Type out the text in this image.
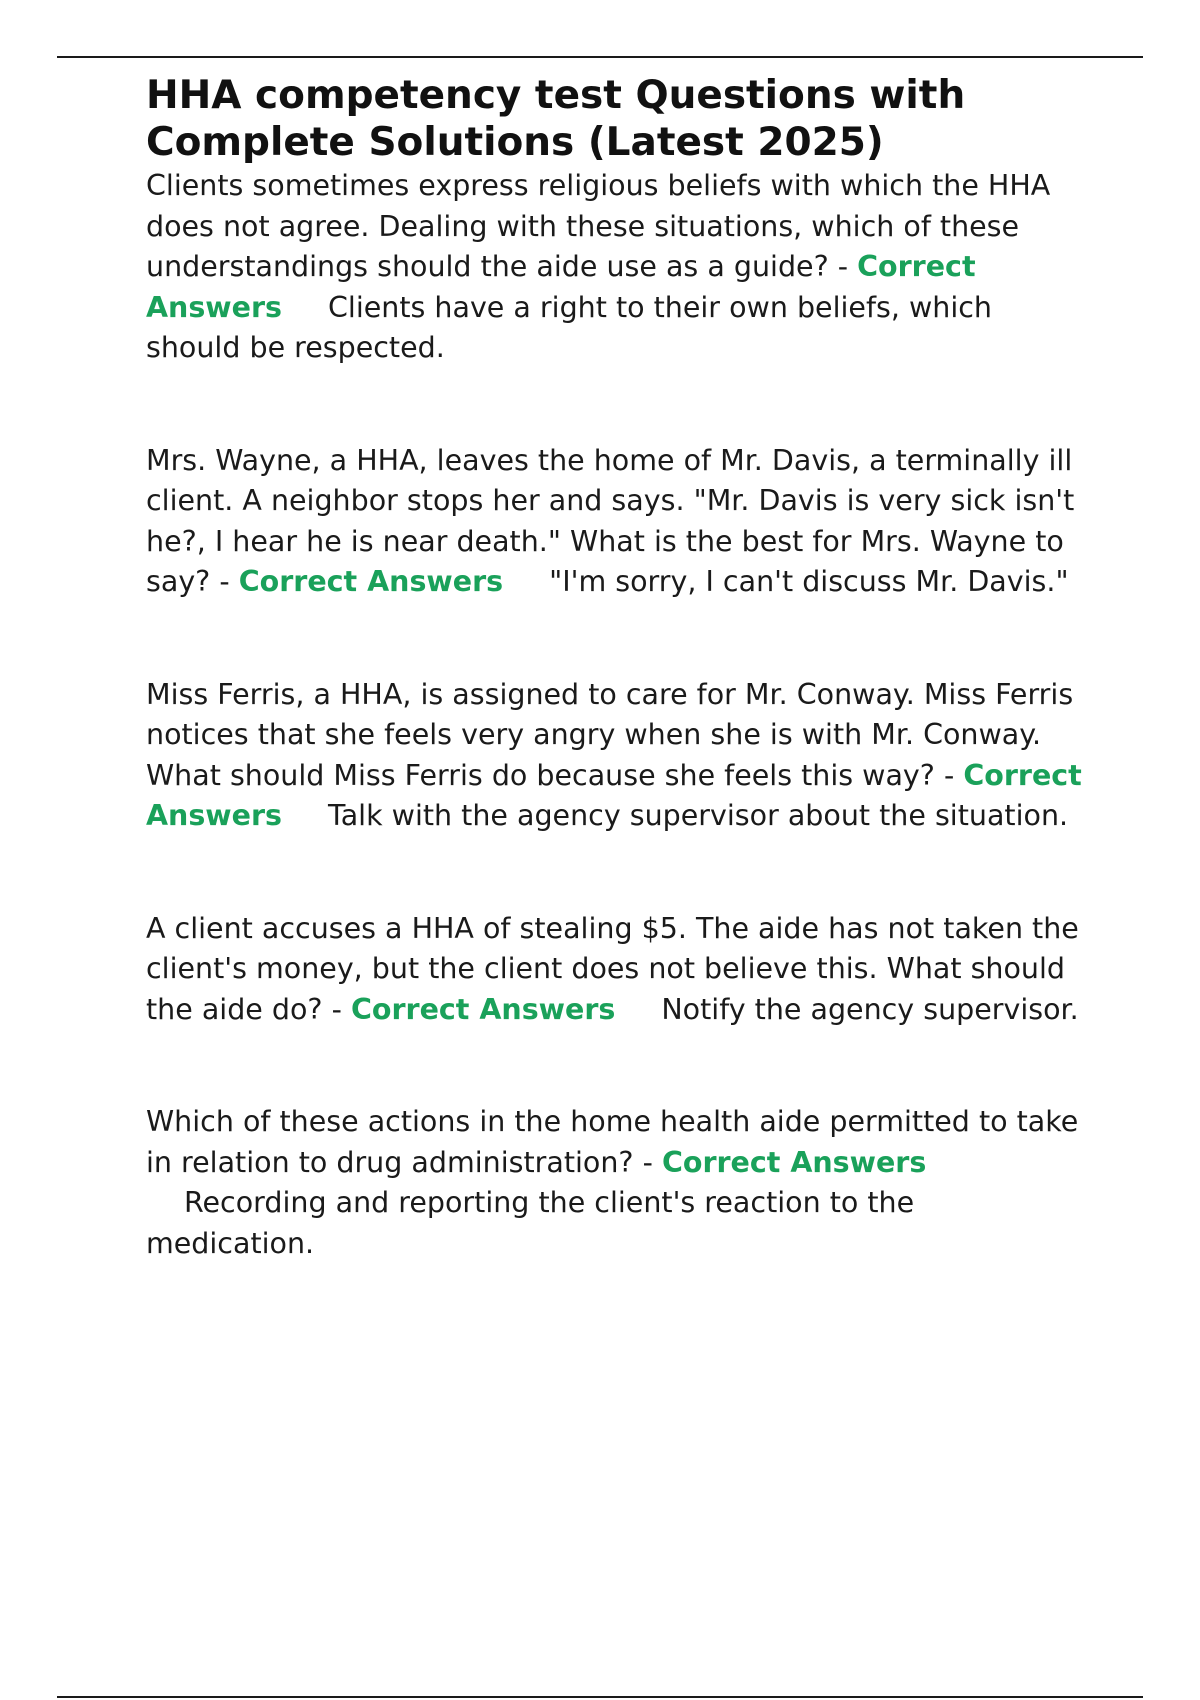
HHA competency test Questions with
Complete Solutions (Latest 2025)

Clients sometimes express religious beliefs with which the HHA does not agree. Dealing with these situations, which of these understandings should the aide use as a guide? - Correct Answers Clients have a right to their own beliefs, which should be respected.

Mrs. Wayne, a HHA, leaves the home of Mr. Davis, a terminally ill client. A neighbor stops her and says. "Mr. Davis is very sick isn't he?, I hear he is near death." What is the best for Mrs. Wayne to say? - Correct Answers "I'm sorry, I can't discuss Mr. Davis."

Miss Ferris, a HHA, is assigned to care for Mr. Conway. Miss Ferris notices that she feels very angry when she is with Mr. Conway. What should Miss Ferris do because she feels this way? - Correct Answers Talk with the agency supervisor about the situation.

A client accuses a HHA of stealing $5. The aide has not taken the client's money, but the client does not believe this. What should the aide do? - Correct Answers Notify the agency supervisor.

Which of these actions in the home health aide permitted to take in relation to drug administration? - Correct Answers
Recording and reporting the client's reaction to the medication.
